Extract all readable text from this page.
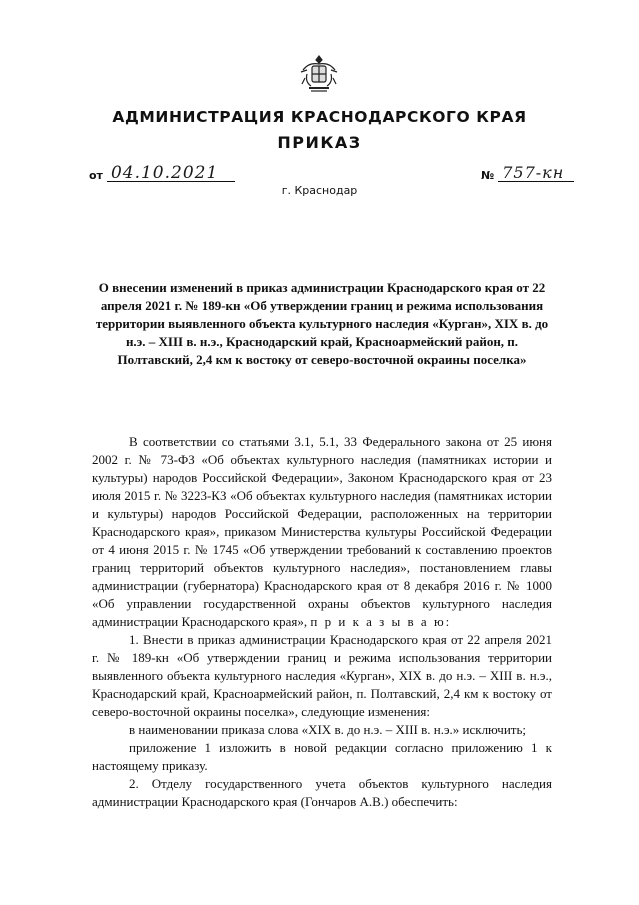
АДМИНИСТРАЦИЯ КРАСНОДАРСКОГО КРАЯ
ПРИКАЗ
от 04.10.2021	№ 757-кн
г. Краснодар
О внесении изменений в приказ администрации Краснодарского края от 22 апреля 2021 г. № 189-кн «Об утверждении границ и режима использования территории выявленного объекта культурного наследия «Курган», XIX в. до н.э. – XIII в. н.э., Краснодарский край, Красноармейский район, п. Полтавский, 2,4 км к востоку от северо-восточной окраины поселка»

В соответствии со статьями 3.1, 5.1, 33 Федерального закона от 25 июня 2002 г. № 73-ФЗ «Об объектах культурного наследия (памятниках истории и культуры) народов Российской Федерации», Законом Краснодарского края от 23 июля 2015 г. № 3223-КЗ «Об объектах культурного наследия (памятниках истории и культуры) народов Российской Федерации, расположенных на территории Краснодарского края», приказом Министерства культуры Российской Федерации от 4 июня 2015 г. № 1745 «Об утверждении требований к составлению проектов границ территорий объектов культурного наследия», постановлением главы администрации (губернатора) Краснодарского края от 8 декабря 2016 г. № 1000 «Об управлении государственной охраны объектов культурного наследия администрации Краснодарского края», п р и к а з ы в а ю:

1. Внести в приказ администрации Краснодарского края от 22 апреля 2021 г. № 189-кн «Об утверждении границ и режима использования территории выявленного объекта культурного наследия «Курган», XIX в. до н.э. – XIII в. н.э., Краснодарский край, Красноармейский район, п. Полтавский, 2,4 км к востоку от северо-восточной окраины поселка», следующие изменения:

в наименовании приказа слова «XIX в. до н.э. – XIII в. н.э.» исключить;

приложение 1 изложить в новой редакции согласно приложению 1 к настоящему приказу.

2. Отделу государственного учета объектов культурного наследия администрации Краснодарского края (Гончаров А.В.) обеспечить:
